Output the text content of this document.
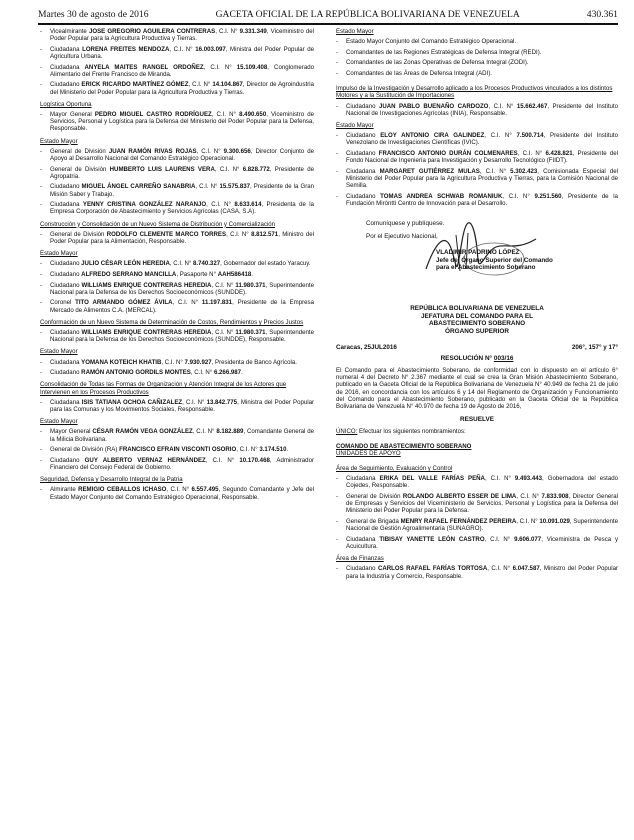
Martes 30 de agosto de 2016	GACETA OFICIAL DE LA REPÚBLICA BOLIVARIANA DE VENEZUELA	430.361
-	Vicealmirante JOSE GREGORIO AGUILERA CONTRERAS, C.I. N° 9.331.349, Viceministro del Poder Popular para la Agricultura Productiva y Tierras.
-	Ciudadana LORENA FREITES MENDOZA, C.I. N° 16.003.097, Ministra del Poder Popular de Agricultura Urbana.
-	Ciudadana ANYELA MAITES RANGEL ORDOÑEZ, C.I. N° 15.109.408, Conglomerado Alimentario del Frente Francisco de Miranda.
-	Ciudadano ERICK RICARDO MARTÍNEZ GÓMEZ, C.I. N° 14.104.867, Director de Agroindustria del Ministerio del Poder Popular para la Agricultura Productiva y Tierras.
Logística Oportuna
-	Mayor General PEDRO MIGUEL CASTRO RODRÍGUEZ, C.I. N° 8.490.650, Viceministro de Servicios, Personal y Logística para la Defensa del Ministerio del Poder Popular para la Defensa, Responsable.
Estado Mayor
-	General de División JUAN RAMÓN RIVAS ROJAS, C.I. N° 9.300.656, Director Conjunto de Apoyo al Desarrollo Nacional del Comando Estratégico Operacional.
-	General de División HUMBERTO LUIS LAURENS VERA, C.I. N° 6.828.772, Presidente de Agropatria.
-	Ciudadano MIGUEL ÁNGEL CARREÑO SANABRIA, C.I. N° 15.575.837, Presidente de la Gran Misión Saber y Trabajo.
-	Ciudadana YENNY CRISTINA GONZÁLEZ NARANJO, C.I. N° 8.633.614, Presidenta de la Empresa Corporación de Abastecimiento y Servicios Agrícolas (CASA, S.A).
Construcción y Consolidación de un Nuevo Sistema de Distribución y Comercialización
-	General de División RODOLFO CLEMENTE MARCO TORRES, C.I. N° 8.812.571, Ministro del Poder Popular para la Alimentación, Responsable.
Estado Mayor
-	Ciudadano JULIO CÉSAR LEÓN HEREDIA, C.I. N° 8.740.327, Gobernador del estado Yaracuy.
-	Ciudadano ALFREDO SERRANO MANCILLA, Pasaporte N° AAH586418.
-	Ciudadano WILLIAMS ENRIQUE CONTRERAS HEREDIA, C.I. N° 11.980.371, Superintendente Nacional para la Defensa de los Derechos Socioeconómicos (SUNDDE).
-	Coronel TITO ARMANDO GÓMEZ ÁVILA, C.I. N° 11.197.831, Presidente de la Empresa Mercado de Alimentos C.A. (MERCAL).
Conformación de un Nuevo Sistema de Determinación de Costos, Rendimientos y Precios Justos
-	Ciudadano WILLIAMS ENRIQUE CONTRERAS HEREDIA, C.I. N° 11.980.371, Superintendente Nacional para la Defensa de los Derechos Socioeconómicos (SUNDDE), Responsable.
Estado Mayor
-	Ciudadana YOMANA KOTEICH KHATIB, C.I. N° 7.930.927, Presidenta de Banco Agrícola.
-	Ciudadano RAMÓN ANTONIO GORDILS MONTES, C.I. N° 6.266.987.
Consolidación de Todas las Formas de Organización y Atención Integral de los Actores que Intervienen en los Procesos Productivos
-	Ciudadana ISIS TATIANA OCHOA CAÑIZALEZ, C.I. N° 13.842.775, Ministra del Poder Popular para las Comunas y los Movimientos Sociales, Responsable.
Estado Mayor
-	Mayor General CÉSAR RAMÓN VEGA GONZÁLEZ, C.I. N° 8.182.889, Comandante General de la Milicia Bolivariana.
-	General de División (RA) FRANCISCO EFRAIN VISCONTI OSORIO, C.I. N° 3.174.510.
-	Ciudadano GUY ALBERTO VERNAZ HERNÁNDEZ, C.I. N° 10.170.468, Administrador Financiero del Consejo Federal de Gobierno.
Seguridad, Defensa y Desarrollo Integral de la Patria
-	Almirante REMIGIO CEBALLOS ICHASO, C.I. N° 6.557.495, Segundo Comandante y Jefe del Estado Mayor Conjunto del Comando Estratégico Operacional, Responsable.
Estado Mayor
-	Estado Mayor Conjunto del Comando Estratégico Operacional.
-	Comandantes de las Regiones Estratégicas de Defensa Integral (REDI).
-	Comandantes de las Zonas Operativas de Defensa Integral (ZODI).
-	Comandantes de las Áreas de Defensa Integral (ADI).
Impulso de la Investigación y Desarrollo aplicado a los Procesos Productivos vinculados a los distintos Motores y a la Sustitución de Importaciones
-	Ciudadano JUAN PABLO BUENAÑO CARDOZO, C.I. N° 15.662.467, Presidente del Instituto Nacional de Investigaciones Agrícolas (INIA), Responsable.
Estado Mayor
-	Ciudadano ELOY ANTONIO CIRA GALINDEZ, C.I. N° 7.500.714, Presidente del Instituto Venezolano de Investigaciones Científicas (IVIC).
-	Ciudadano FRANCISCO ANTONIO DURÁN COLMENARES, C.I. N° 6.428.821, Presidente del Fondo Nacional de Ingeniería para Investigación y Desarrollo Tecnológico (FIIDT).
-	Ciudadana MARGARET GUTIÉRREZ MULAS, C.I. N° 5.302.423, Comisionada Especial del Ministerio del Poder Popular para la Agricultura Productiva y Tierras, para la Comisión Nacional de Semilla.
-	Ciudadano TOMAS ANDREA SCHWAB ROMANIUK, C.I. N° 9.251.560, Presidente de la Fundación Miróntti Centro de Innovación para el Desarrollo.
Comuníquese y publíquese.
Por el Ejecutivo Nacional,
VLADIMIR PADRINO LÓPEZ
Jefe del Órgano Superior del Comando
para el Abastecimiento Soberano
REPÚBLICA BOLIVARIANA DE VENEZUELA
JEFATURA DEL COMANDO PARA EL
ABASTECIMIENTO SOBERANO
ÓRGANO SUPERIOR
Caracas, 25JUL2016	206°, 157° y 17°
RESOLUCIÓN N° 003/16
El Comando para el Abastecimiento Soberano, de conformidad con lo dispuesto en el artículo 6° numeral 4 del Decreto N° 2.367 mediante el cual se crea la Gran Misión Abastecimiento Soberano, publicado en la Gaceta Oficial de la República Bolivariana de Venezuela N° 40.949 de fecha 21 de julio de 2016, en concordancia con los artículos 6 y 14 del Reglamento de Organización y Funcionamiento del Comando para el Abastecimiento Soberano, publicado en la Gaceta Oficial de la República Bolivariana de Venezuela N° 40.970 de fecha 19 de Agosto de 2016,
RESUELVE
ÚNICO: Efectuar los siguientes nombramientos:
COMANDO DE ABASTECIMIENTO SOBERANO
UNIDADES DE APOYO
Área de Seguimiento, Evaluación y Control
-	Ciudadana ERIKA DEL VALLE FARÍAS PEÑA, C.I. N° 9.493.443, Gobernadora del estado Cojedes, Responsable.
-	General de División ROLANDO ALBERTO ESSER DE LIMA, C.I. N° 7.833.908, Director General de Empresas y Servicios del Viceministerio de Servicios, Personal y Logística para la Defensa del Ministerio del Poder Popular para la Defensa.
-	General de Brigada MENRY RAFAEL FERNÁNDEZ PEREIRA, C.I. N° 10.091.029, Superintendente Nacional de Gestión Agroalimentaria (SUNAGRO).
-	Ciudadana TIBISAY YANETTE LEÓN CASTRO, C.I. N° 9.606.077, Viceministra de Pesca y Acuicultura.
Área de Finanzas
-	Ciudadano CARLOS RAFAEL FARÍAS TORTOSA, C.I. N° 6.047.587, Ministro del Poder Popular para la Industria y Comercio, Responsable.
